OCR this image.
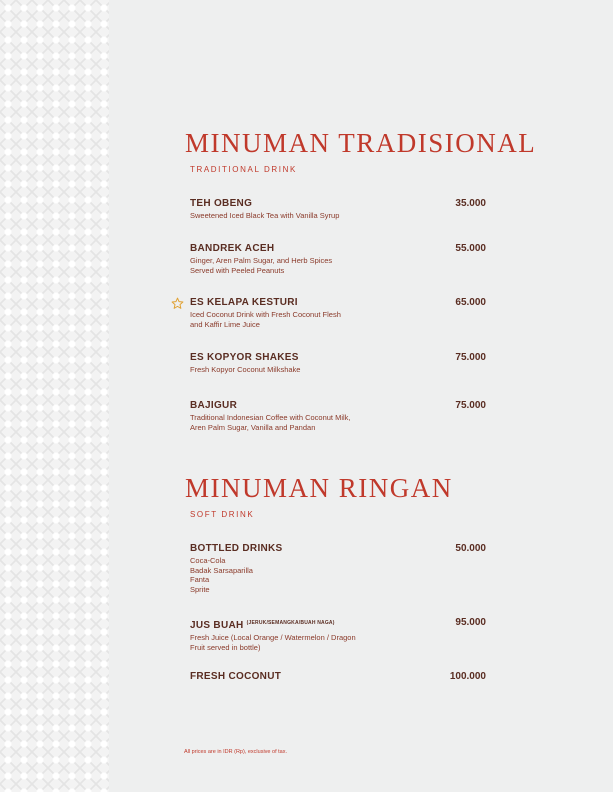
MINUMAN TRADISIONAL
TRADITIONAL DRINK
TEH OBENG
Sweetened Iced Black Tea with Vanilla Syrup
35.000
BANDREK ACEH
Ginger, Aren Palm Sugar, and Herb Spices
Served with Peeled Peanuts
55.000
ES KELAPA KESTURI
Iced Coconut Drink with Fresh Coconut Flesh
and Kaffir Lime Juice
65.000
ES KOPYOR SHAKES
Fresh Kopyor Coconut Milkshake
75.000
BAJIGUR
Traditional Indonesian Coffee with Coconut Milk,
Aren Palm Sugar, Vanilla and Pandan
75.000
MINUMAN RINGAN
SOFT DRINK
BOTTLED DRINKS
Coca-Cola
Badak Sarsaparilla
Fanta
Sprite
50.000
JUS BUAH $^{(JERUK/SEMANGKA/BUAH NAGA)}$
Fresh Juice (Local Orange / Watermelon / Dragon
Fruit served in bottle)
95.000
FRESH COCONUT	100.000
All prices are in IDR (Rp), exclusive of tax.
